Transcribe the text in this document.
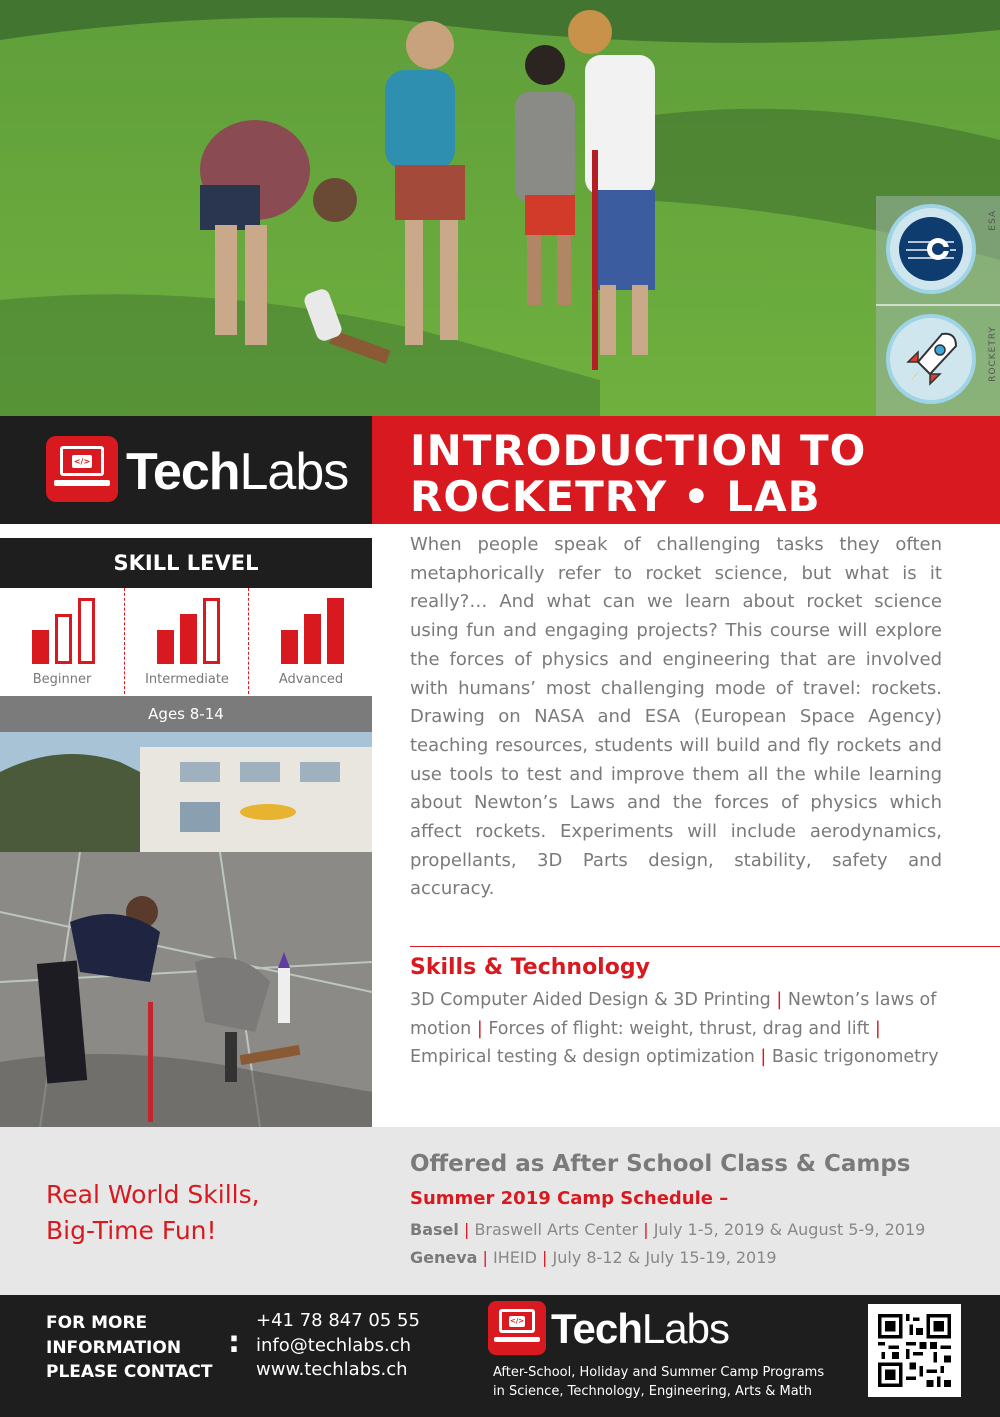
ESA
ROCKETRY
</> TechLabs INTRODUCTION TO
ROCKETRY • LAB
SKILL LEVEL
Beginner	Intermediate	Advanced
Ages 8-14

When people speak of challenging tasks they often metaphorically refer to rocket science, but what is it really?… And what can we learn about rocket science using fun and engaging projects? This course will explore the forces of physics and engineering that are involved with humans’ most challenging mode of travel: rockets. Drawing on NASA and ESA (European Space Agency) teaching resources, students will build and fly rockets and use tools to test and improve them all the while learning about Newton’s Laws and the forces of physics which affect rockets. Experiments will include aerodynamics, propellants, 3D Parts design, stability, safety and accuracy.

Skills & Technology
3D Computer Aided Design & 3D Printing | Newton’s laws of motion | Forces of flight: weight, thrust, drag and lift | Empirical testing & design optimization | Basic trigonometry
Real World Skills,
Big-Time Fun!
Offered as After School Class & Camps
Summer 2019 Camp Schedule –
Basel | Braswell Arts Center | July 1-5, 2019 & August 5-9, 2019
Geneva | IHEID | July 8-12 & July 15-19, 2019
FOR MORE
INFORMATION
PLEASE CONTACT
:
+41 78 847 05 55
info@techlabs.ch
www.techlabs.ch
</> TechLabs
After-School, Holiday and Summer Camp Programs
in Science, Technology, Engineering, Arts & Math
